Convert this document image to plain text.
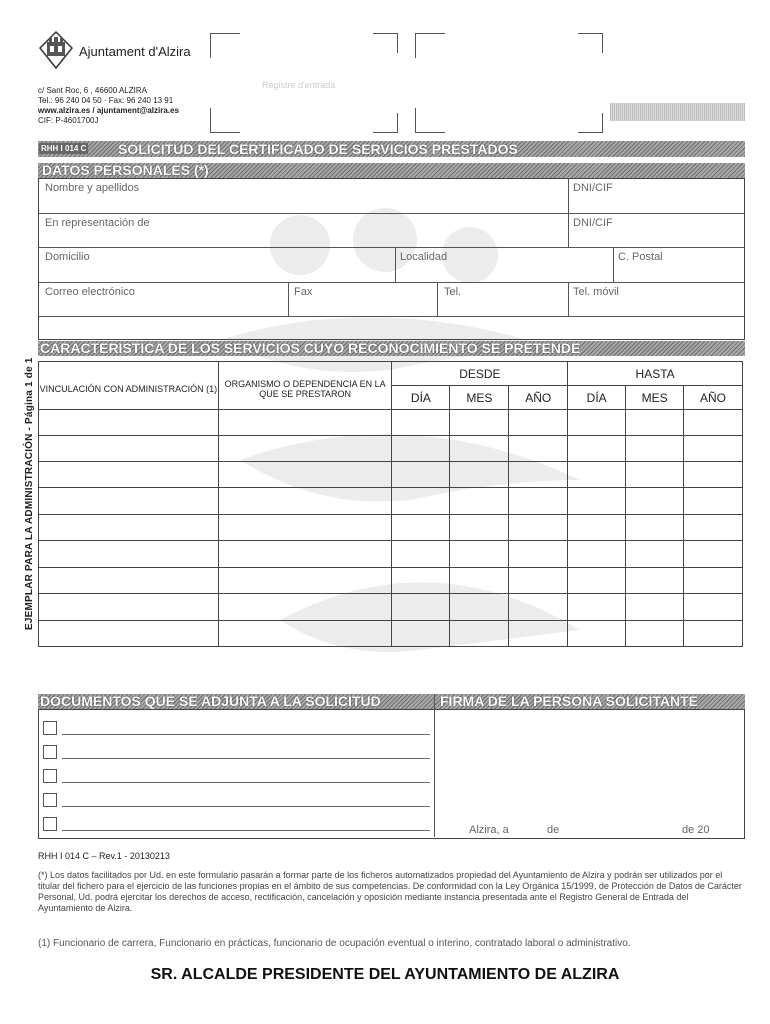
Ajuntament d'Alzira
c/ Sant Roc, 6 , 46600 ALZIRA
Tel.: 96 240 04 50 · Fax: 96 240 13 91
www.alzira.es / ajuntament@alzira.es
CIF: P-4601700J
Registre d'entrada
RHH I 014 C SOLICITUD DEL CERTIFICADO DE SERVICIOS PRESTADOS
EJEMPLAR PARA LA ADMINISTRACIÓN - Página 1 de 1
DATOS PERSONALES (*)
Nombre y apellidos	DNI/CIF
En representación de	DNI/CIF
Domicilio	Localidad	C. Postal
Correo electrónico	Fax	Tel.	Tel. móvil
CARACTERISTICA DE LOS SERVICIOS CUYO RECONOCIMIENTO SE PRETENDE
VINCULACIÓN CON ADMINISTRACIÓN (1)	ORGANISMO O DEPENDENCIA EN LA QUE SE PRESTARON	DESDE			HASTA		
		DÍA	MES	AÑO	DÍA	MES	AÑO

DOCUMENTOS QUE SE ADJUNTA A LA SOLICITUD	FIRMA DE LA PERSONA SOLICITANTE
Alzira, a	de	de 20
RHH I 014 C – Rev.1 - 20130213
(*) Los datos facilitados por Ud. en este formulario pasarán a formar parte de los ficheros automatizados propiedad del Ayuntamiento de Alzira y podrán ser utilizados por el titular del fichero para el ejercicio de las funciones propias en el ámbito de sus competencias. De conformidad con la Ley Orgánica 15/1999, de Protección de Datos de Carácter Personal, Ud. podrá ejercitar los derechos de acceso, rectificación, cancelación y oposición mediante instancia presentada ante el Registro General de Entrada del Ayuntamiento de Alzira.
(1) Funcionario de carrera, Funcionario en prácticas, funcionario de ocupación eventual o interino, contratado laboral o administrativo.
SR. ALCALDE PRESIDENTE DEL AYUNTAMIENTO DE ALZIRA
